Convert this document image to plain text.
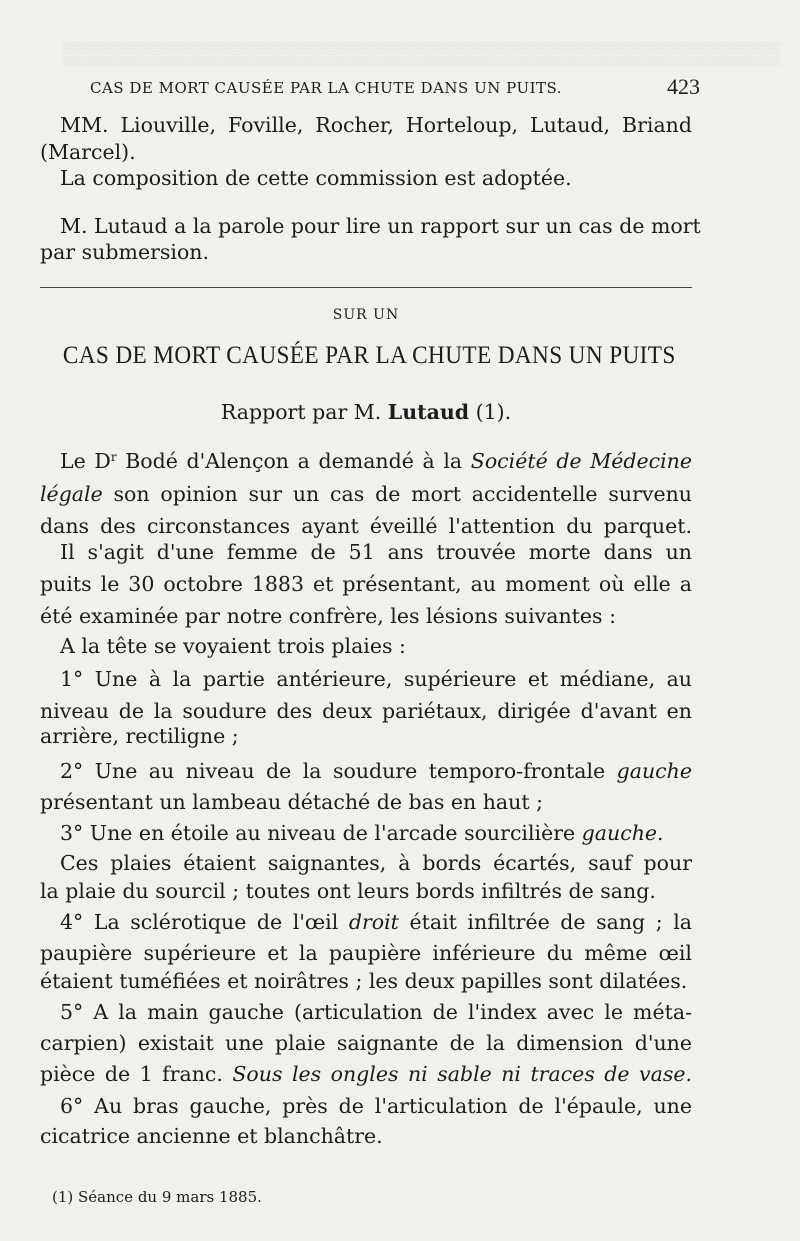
▒▒▒▒▒▒▒▒▒▒▒▒▒▒▒▒▒▒▒▒▒▒▒▒▒▒▒▒▒▒▒▒▒▒▒▒▒▒▒▒▒▒▒▒▒▒
CAS DE MORT CAUSÉE PAR LA CHUTE DANS UN PUITS.	423
MM. Liouville, Foville, Rocher, Horteloup, Lutaud, Briand
(Marcel).
La composition de cette commission est adoptée.
M. Lutaud a la parole pour lire un rapport sur un cas de mort
par submersion.
SUR UN
CAS DE MORT CAUSÉE PAR LA CHUTE DANS UN PUITS
Rapport par M. Lutaud (1).
Le $D^r$ Bodé d'Alençon a demandé à la Société de Médecine
légale son opinion sur un cas de mort accidentelle survenu
dans des circonstances ayant éveillé l'attention du parquet.
Il s'agit d'une femme de 51 ans trouvée morte dans un
puits le 30 octobre 1883 et présentant, au moment où elle a
été examinée par notre confrère, les lésions suivantes :
A la tête se voyaient trois plaies :
1° Une à la partie antérieure, supérieure et médiane, au
niveau de la soudure des deux pariétaux, dirigée d'avant en
arrière, rectiligne ;
2° Une au niveau de la soudure temporo-frontale gauche
présentant un lambeau détaché de bas en haut ;
3° Une en étoile au niveau de l'arcade sourcilière gauche.
Ces plaies étaient saignantes, à bords écartés, sauf pour
la plaie du sourcil ; toutes ont leurs bords infiltrés de sang.
4° La sclérotique de l'œil droit était infiltrée de sang ; la
paupière supérieure et la paupière inférieure du même œil
étaient tuméfiées et noirâtres ; les deux papilles sont dilatées.
5° A la main gauche (articulation de l'index avec le méta-
carpien) existait une plaie saignante de la dimension d'une
pièce de 1 franc. Sous les ongles ni sable ni traces de vase.
6° Au bras gauche, près de l'articulation de l'épaule, une
cicatrice ancienne et blanchâtre.
(1) Séance du 9 mars 1885.
